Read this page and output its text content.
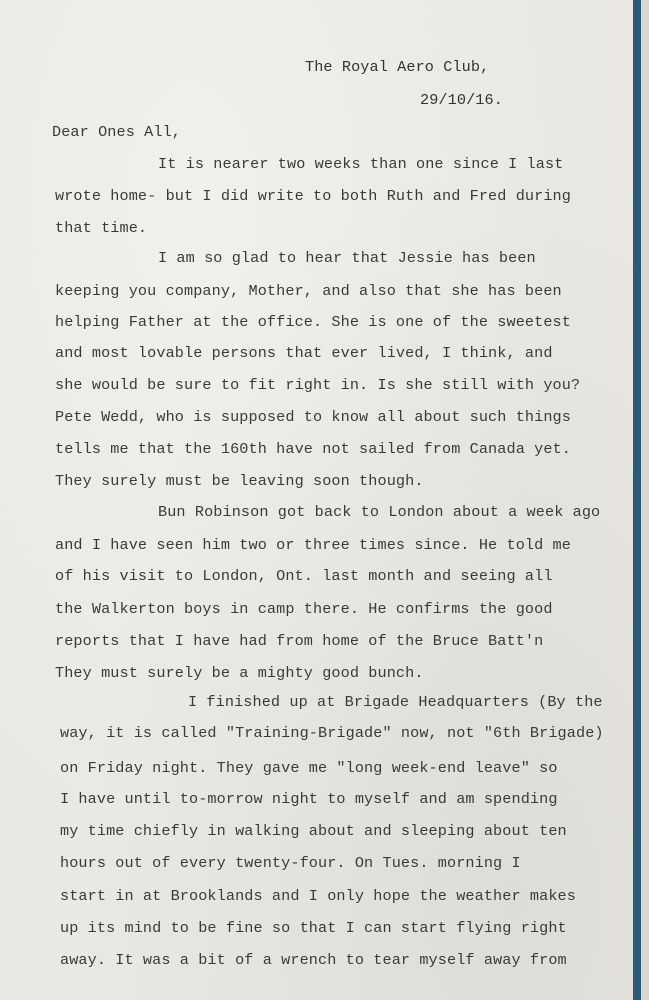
The Royal Aero Club,
29/10/16.
Dear Ones All,
It is nearer two weeks than one since I last
wrote home- but I did write to both Ruth and Fred during
that time.
I am so glad to hear that Jessie has been
keeping you company, Mother, and also that she has been
helping Father at the office. She is one of the sweetest
and most lovable persons that ever lived, I think, and
she would be sure to fit right in. Is she still with you?
Pete Wedd, who is supposed to know all about such things
tells me that the 160th have not sailed from Canada yet.
They surely must be leaving soon though.
Bun Robinson got back to London about a week ago
and I have seen him two or three times since. He told me
of his visit to London, Ont. last month and seeing all
the Walkerton boys in camp there. He confirms the good
reports that I have had from home of the Bruce Batt'n
They must surely be a mighty good bunch.
I finished up at Brigade Headquarters (By the
way, it is called "Training-Brigade" now, not "6th Brigade)
on Friday night. They gave me "long week-end leave" so
I have until to-morrow night to myself and am spending
my time chiefly in walking about and sleeping about ten
hours out of every twenty-four. On Tues. morning I
start in at Brooklands and I only hope the weather makes
up its mind to be fine so that I can start flying right
away. It was a bit of a wrench to tear myself away from
